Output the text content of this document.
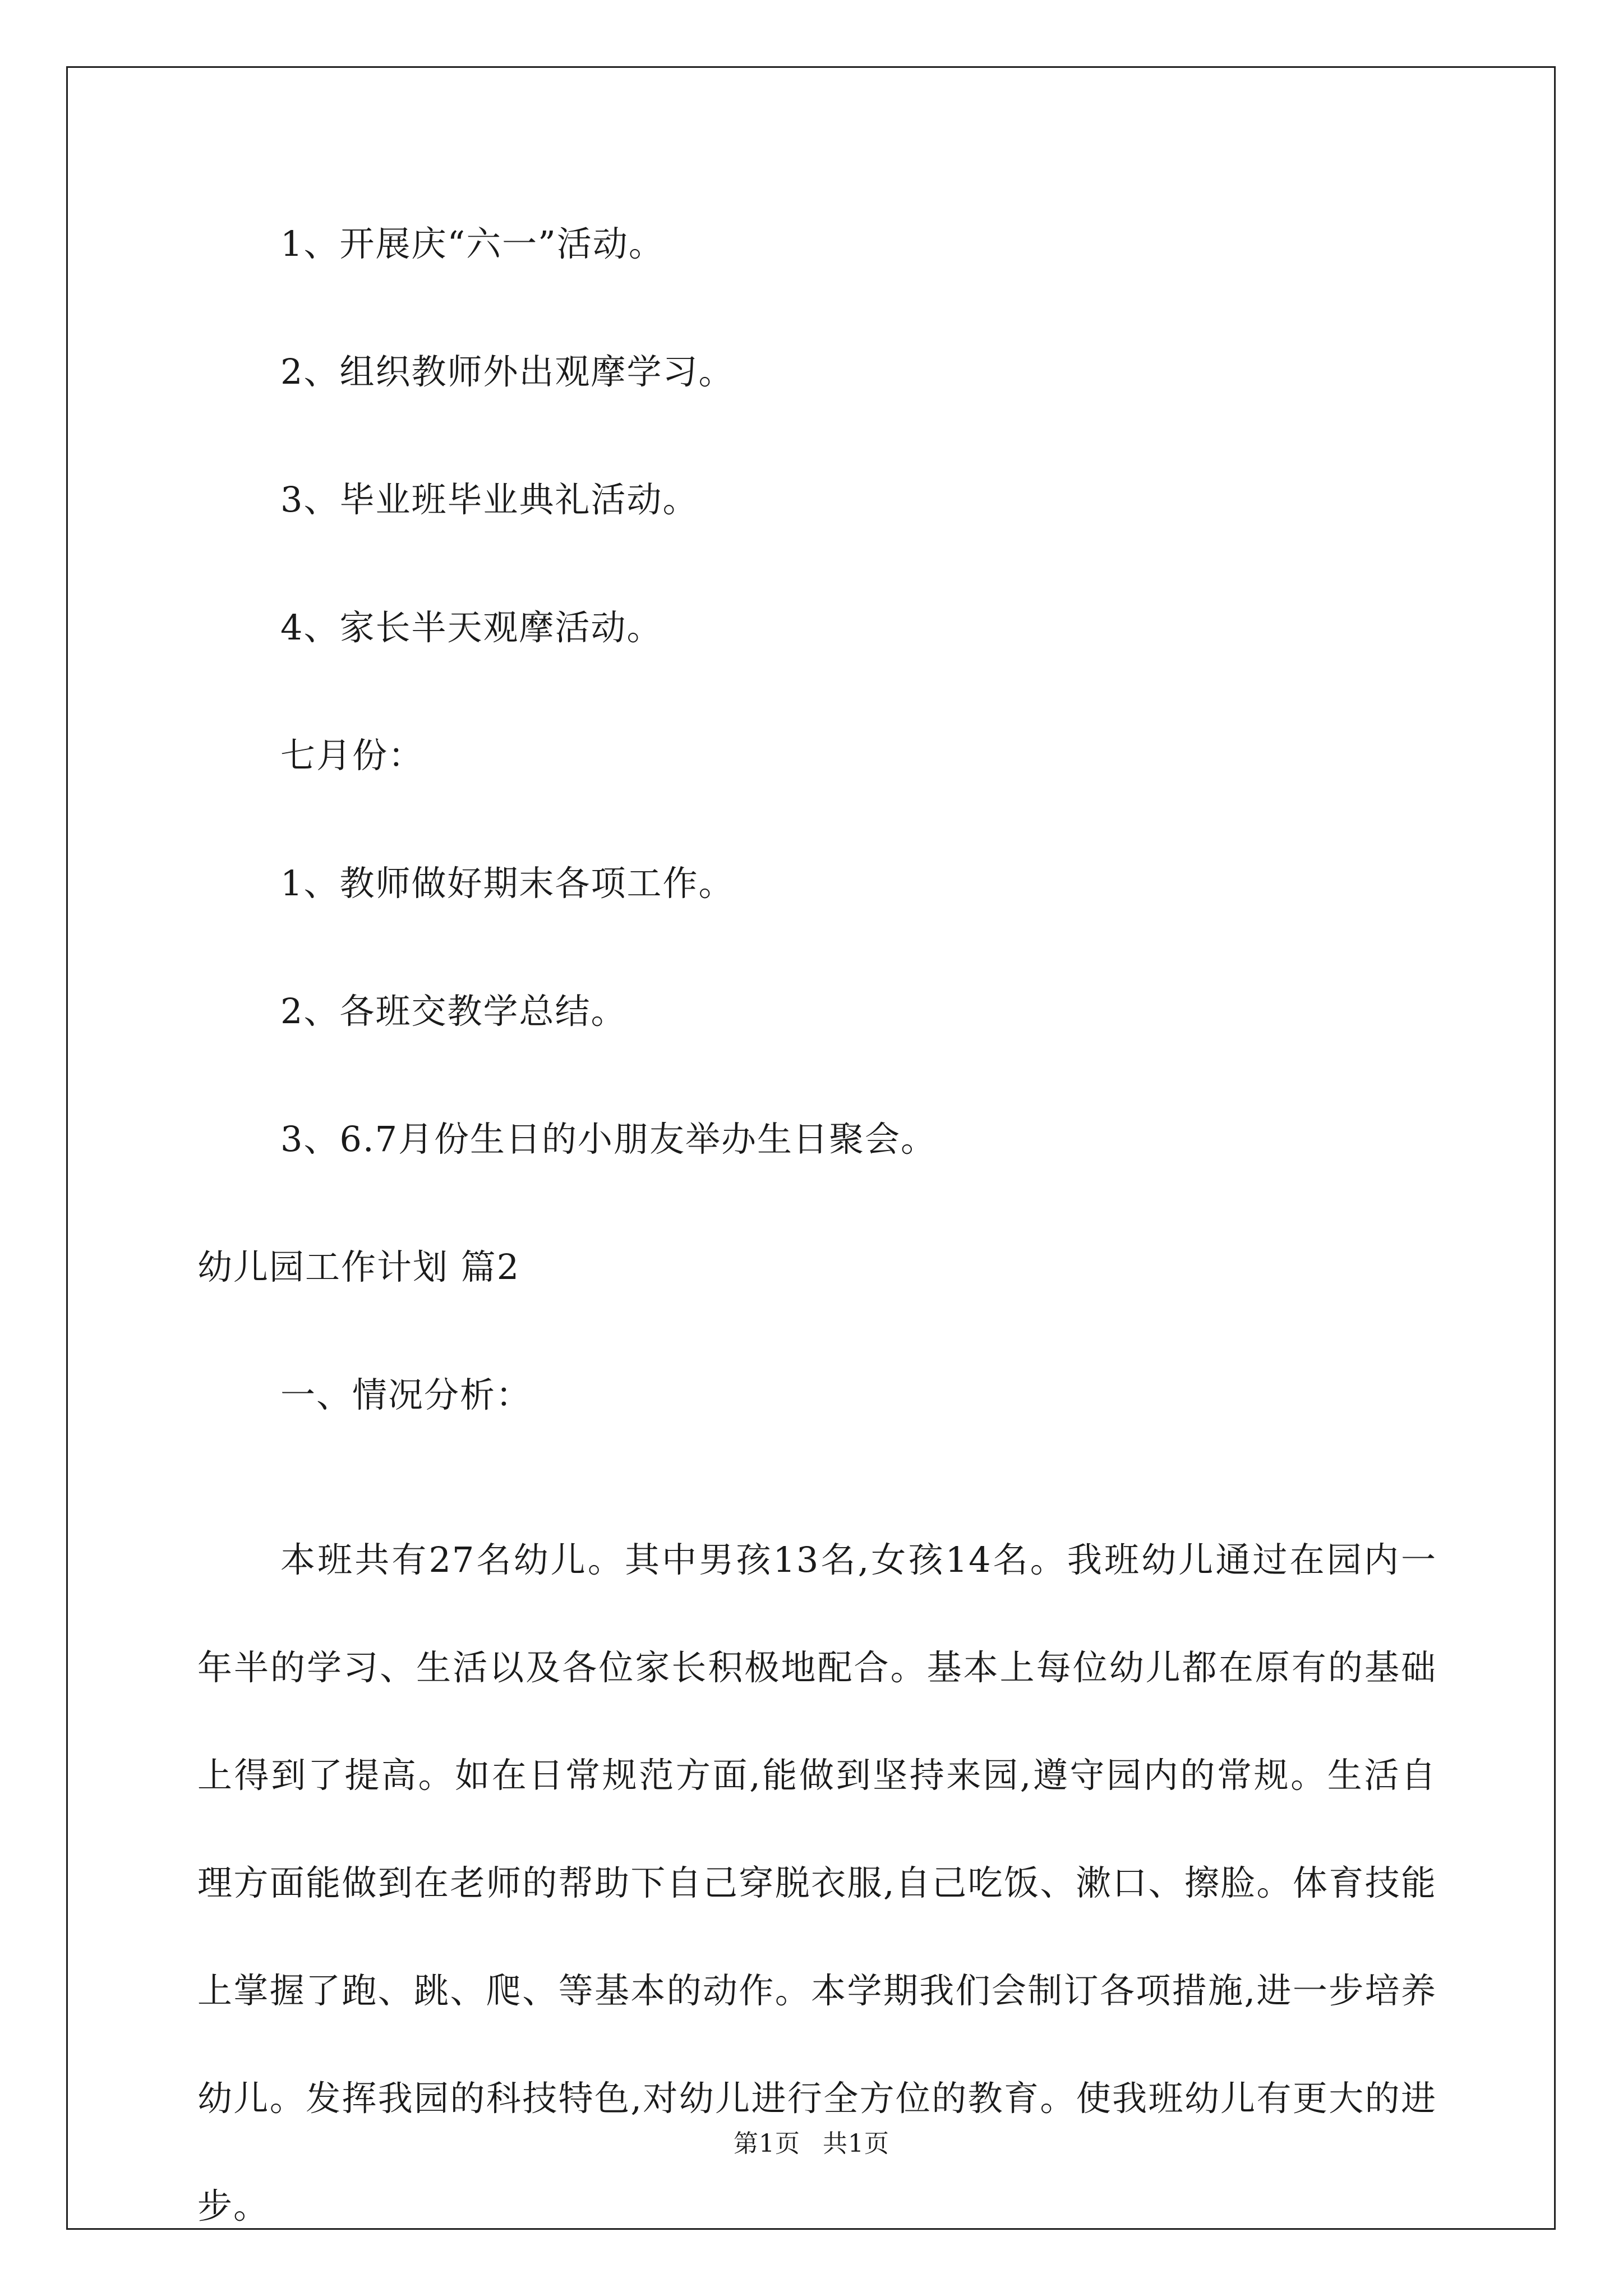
1、开展庆“六一”活动。
2、组织教师外出观摩学习。
3、毕业班毕业典礼活动。
4、家长半天观摩活动。
七月份：
1、教师做好期末各项工作。
2、各班交教学总结。
3、6.7月份生日的小朋友举办生日聚会。
幼儿园工作计划 篇2
一、情况分析：
本班共有27名幼儿。其中男孩13名,女孩14名。我班幼儿通过在园内一年半的学习、生活以及各位家长积极地配合。基本上每位幼儿都在原有的基础上得到了提高。如在日常规范方面,能做到坚持来园,遵守园内的常规。生活自理方面能做到在老师的帮助下自己穿脱衣服,自己吃饭、漱口、擦脸。体育技能上掌握了跑、跳、爬、等基本的动作。本学期我们会制订各项措施,进一步培养幼儿。发挥我园的科技特色,对幼儿进行全方位的教育。使我班幼儿有更大的进步。
第1页 共1页
